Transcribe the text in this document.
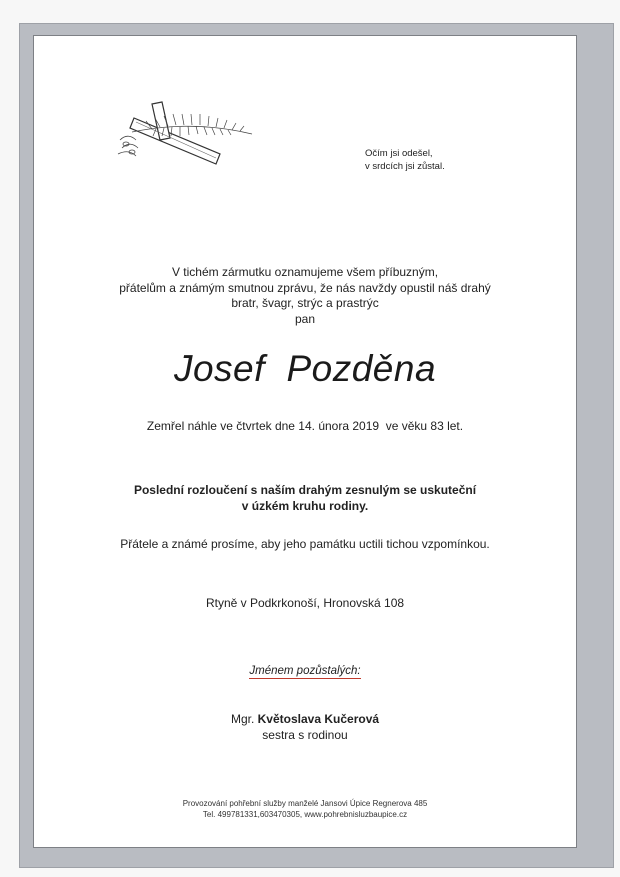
Očím jsi odešel,
v srdcích jsi zůstal.
V tichém zármutku oznamujeme všem příbuzným,
přátelům a známým smutnou zprávu, že nás navždy opustil náš drahý
bratr, švagr, strýc a prastrýc
pan
Josef  Pozděna
Zemřel náhle ve čtvrtek dne 14. února 2019  ve věku 83 let.
Poslední rozloučení s naším drahým zesnulým se uskuteční
v úzkém kruhu rodiny.
Přátele a známé prosíme, aby jeho památku uctili tichou vzpomínkou.
Rtyně v Podkrkonoší, Hronovská 108
Jménem pozůstalých:
Mgr. Květoslava Kučerová
sestra s rodinou
Provozování pohřební služby manželé Jansovi Úpice Regnerova 485
Tel. 499781331,603470305, www.pohrebnisluzbaupice.cz
